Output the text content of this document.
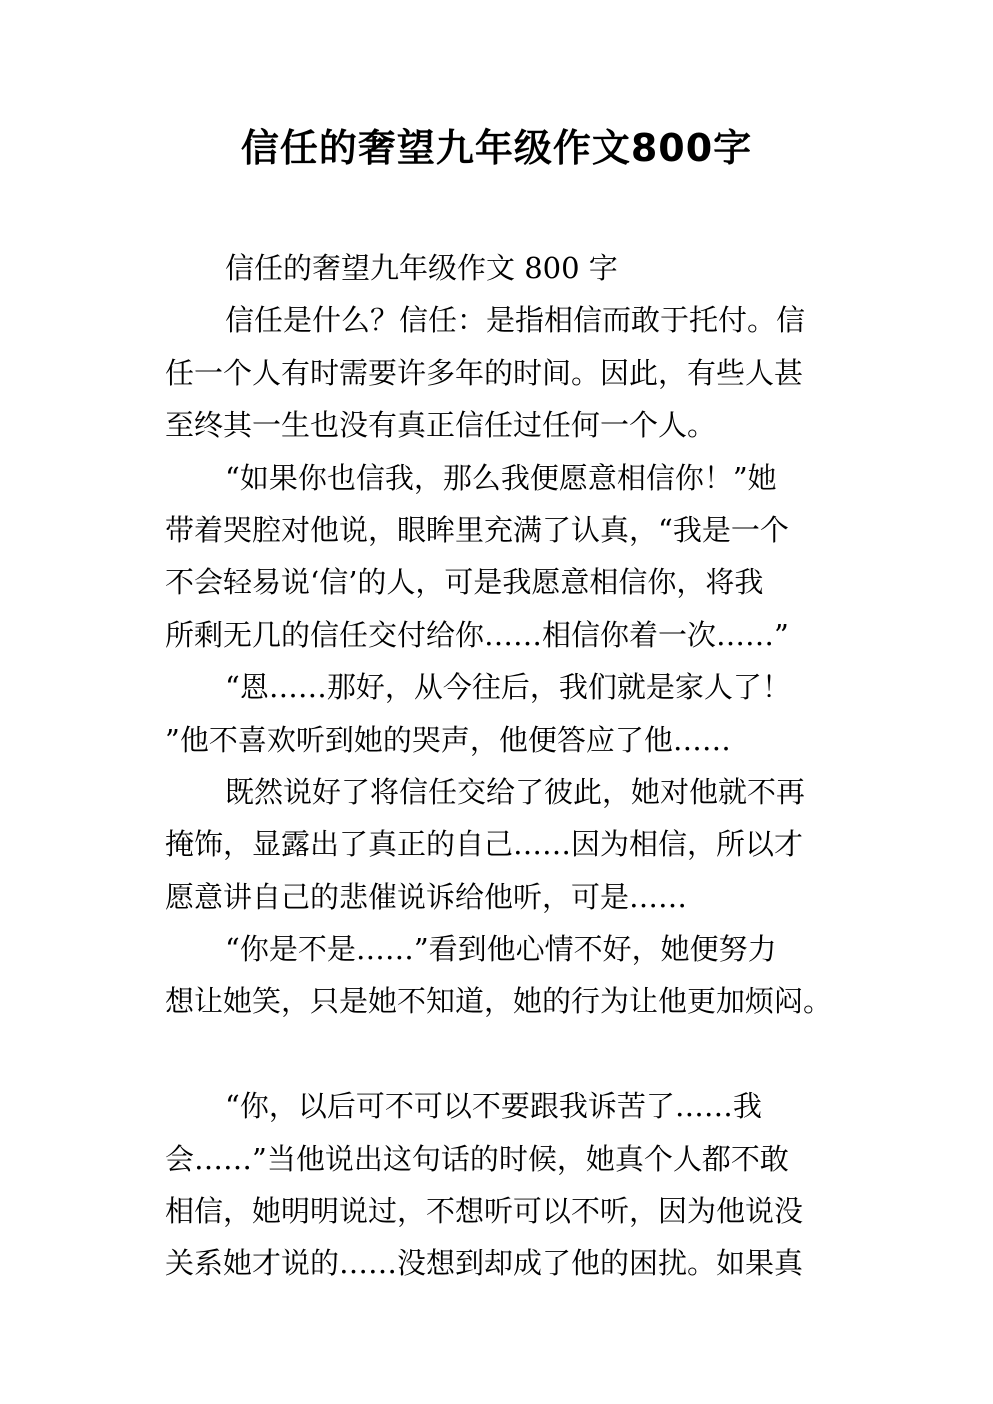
信任的奢望九年级作文800字
信任的奢望九年级作文 800 字
信任是什么？信任：是指相信而敢于托付。信
任一个人有时需要许多年的时间。因此，有些人甚
至终其一生也没有真正信任过任何一个人。
“如果你也信我，那么我便愿意相信你！”她
带着哭腔对他说，眼眸里充满了认真，“我是一个
不会轻易说‘信’的人，可是我愿意相信你，将我
所剩无几的信任交付给你……相信你着一次……”
“恩……那好，从今往后，我们就是家人了！
”他不喜欢听到她的哭声，他便答应了他……
既然说好了将信任交给了彼此，她对他就不再
掩饰，显露出了真正的自己……因为相信，所以才
愿意讲自己的悲催说诉给他听，可是……
“你是不是……”看到他心情不好，她便努力
想让她笑，只是她不知道，她的行为让他更加烦闷。
“你，以后可不可以不要跟我诉苦了……我
会……”当他说出这句话的时候，她真个人都不敢
相信，她明明说过，不想听可以不听，因为他说没
关系她才说的……没想到却成了他的困扰。如果真
